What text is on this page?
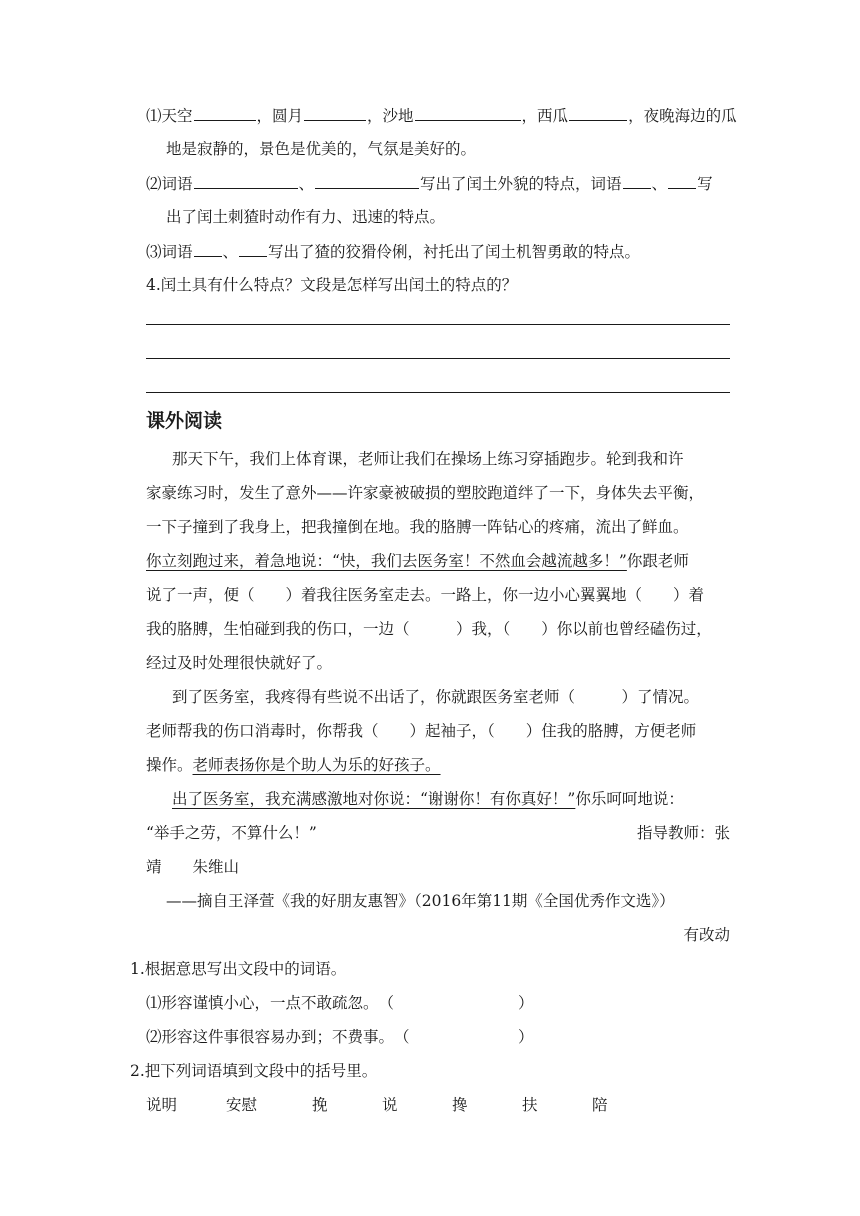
⑴天空	，圆月	，沙地	，西瓜	，夜晚海边的瓜
地是寂静的，景色是优美的，气氛是美好的。
⑵词语	、	写出了闰土外貌的特点，词语 、 写
出了闰土刺猹时动作有力、迅速的特点。
⑶词语 、 写出了猹的狡猾伶俐，衬托出了闰土机智勇敢的特点。
4.闰土具有什么特点？文段是怎样写出闰土的特点的？
课外阅读
那天下午，我们上体育课，老师让我们在操场上练习穿插跑步。轮到我和许
家豪练习时，发生了意外——许家豪被破损的塑胶跑道绊了一下，身体失去平衡，
一下子撞到了我身上，把我撞倒在地。我的胳膊一阵钻心的疼痛，流出了鲜血。
你立刻跑过来，着急地说：“快，我们去医务室！不然血会越流越多！”你跟老师
说了一声，便（　　）着我往医务室走去。一路上，你一边小心翼翼地（　　）着
我的胳膊，生怕碰到我的伤口，一边（　　　）我，（　　）你以前也曾经磕伤过，
经过及时处理很快就好了。
到了医务室，我疼得有些说不出话了，你就跟医务室老师（　　　）了情况。
老师帮我的伤口消毒时，你帮我（　　）起袖子，（　　）住我的胳膊，方便老师
操作。老师表扬你是个助人为乐的好孩子。
出了医务室，我充满感激地对你说：“谢谢你！有你真好！”你乐呵呵地说：
“举手之劳，不算什么！”	指导教师：张
靖　　朱维山
——摘自王泽萱《我的好朋友惠智》（2016年第11期《全国优秀作文选》）
有改动
1.根据意思写出文段中的词语。
⑴形容谨慎小心，一点不敢疏忽。　（　　　　　　　　）
⑵形容这件事很容易办到；不费事。　（　　　　　　　）
2.把下列词语填到文段中的括号里。
说明	安慰	挽	说	搀	扶	陪
